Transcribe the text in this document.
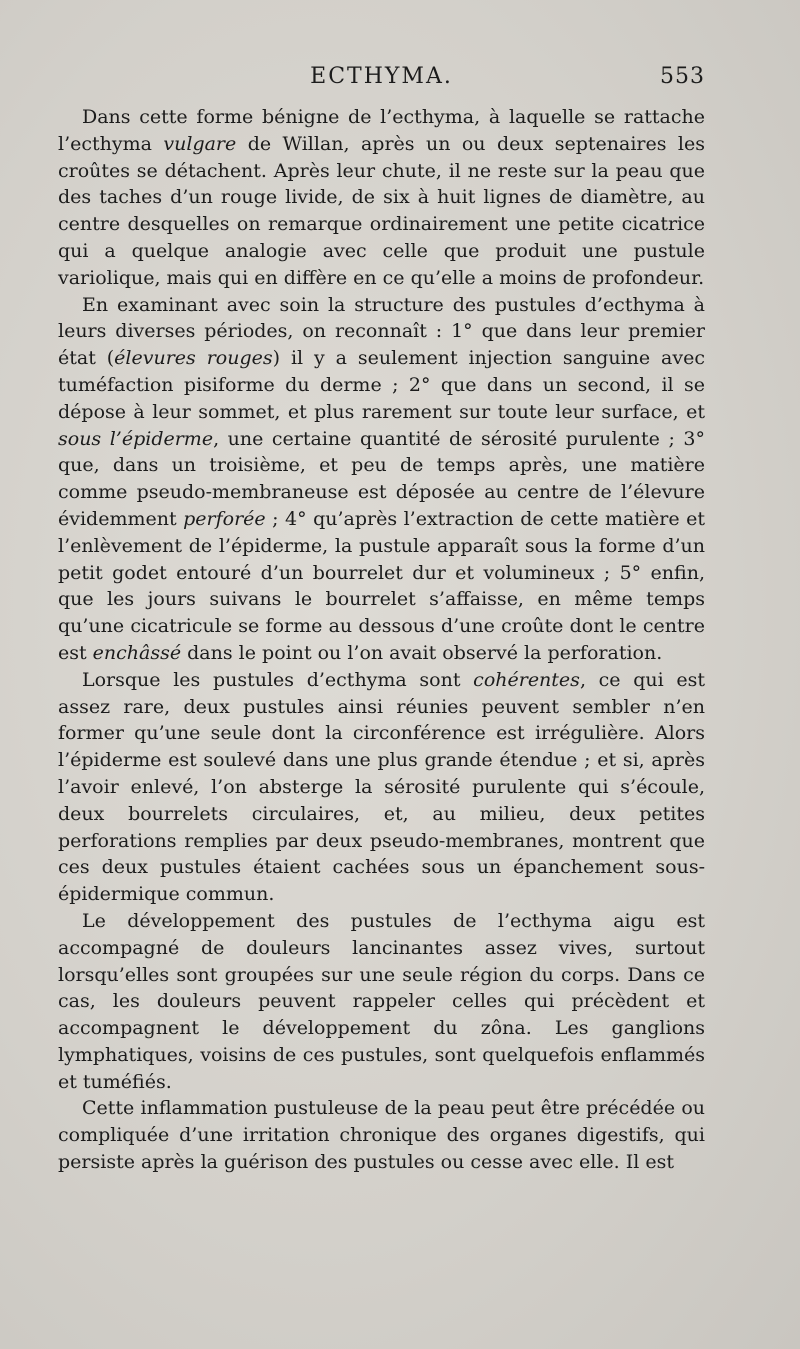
ECTHYMA.	553

Dans cette forme bénigne de l’ecthyma, à laquelle se rattache l’ecthyma vulgare de Willan, après un ou deux septenaires les croûtes se détachent. Après leur chute, il ne reste sur la peau que des taches d’un rouge livide, de six à huit lignes de diamètre, au centre desquelles on remarque ordinairement une petite cicatrice qui a quelque analogie avec celle que produit une pustule variolique, mais qui en diffère en ce qu’elle a moins de profondeur.

En examinant avec soin la structure des pustules d’ecthyma à leurs diverses périodes, on reconnaît : 1° que dans leur premier état (élevures rouges) il y a seulement injection sanguine avec tuméfaction pisiforme du derme ; 2° que dans un second, il se dépose à leur sommet, et plus rarement sur toute leur surface, et sous l’épiderme, une certaine quantité de sérosité purulente ; 3° que, dans un troisième, et peu de temps après, une matière comme pseudo-membraneuse est déposée au centre de l’élevure évidemment perforée ; 4° qu’après l’extraction de cette matière et l’enlèvement de l’épiderme, la pustule apparaît sous la forme d’un petit godet entouré d’un bourrelet dur et volumineux ; 5° enfin, que les jours suivans le bourrelet s’affaisse, en même temps qu’une cicatricule se forme au dessous d’une croûte dont le centre est enchâssé dans le point ou l’on avait observé la perforation.

Lorsque les pustules d’ecthyma sont cohérentes, ce qui est assez rare, deux pustules ainsi réunies peuvent sembler n’en former qu’une seule dont la circonférence est irrégulière. Alors l’épiderme est soulevé dans une plus grande étendue ; et si, après l’avoir enlevé, l’on absterge la sérosité purulente qui s’écoule, deux bourrelets circulaires, et, au milieu, deux petites perforations remplies par deux pseudo-membranes, montrent que ces deux pustules étaient cachées sous un épanchement sous-épidermique commun.

Le développement des pustules de l’ecthyma aigu est accompagné de douleurs lancinantes assez vives, surtout lorsqu’elles sont groupées sur une seule région du corps. Dans ce cas, les douleurs peuvent rappeler celles qui précèdent et accompagnent le développement du zôna. Les ganglions lymphatiques, voisins de ces pustules, sont quelquefois enflammés et tuméfiés.

Cette inflammation pustuleuse de la peau peut être précédée ou compliquée d’une irritation chronique des organes digestifs, qui persiste après la guérison des pustules ou cesse avec elle. Il est
